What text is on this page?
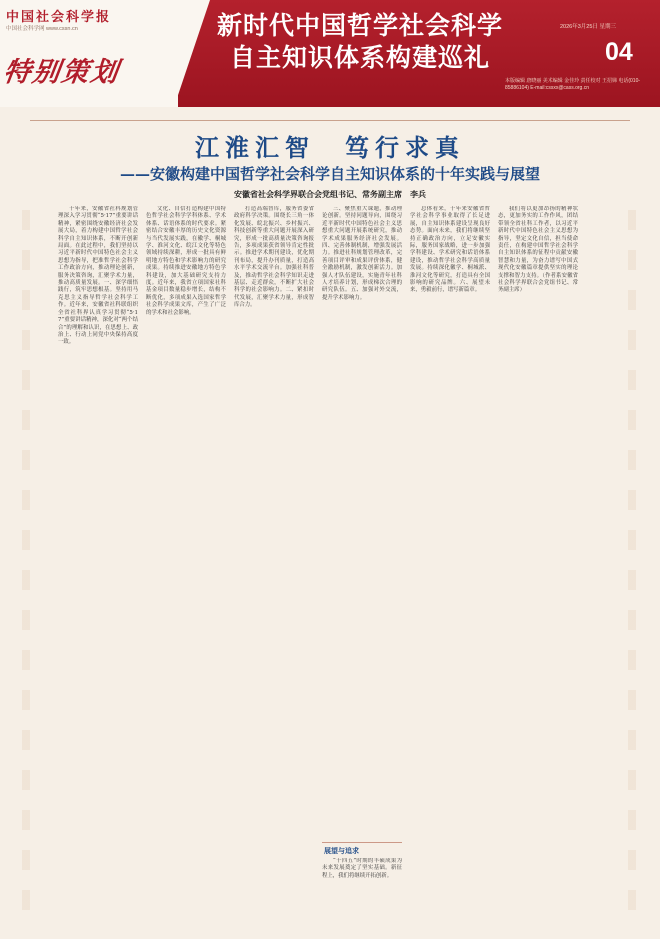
中国社会科学报
中国社会科学网 www.cssn.cn
特别策划
新时代中国哲学社会科学
自主知识体系构建巡礼
2026年3月25日 星期三
04
本版编辑 唐晓丽 美术编辑 金佳玲 责任校对 王招娣 电话(010-85886104) E-mail:cssxx@cass.org.cn
江淮汇智　笃行求真
——安徽构建中国哲学社会科学自主知识体系的十年实践与展望
安徽省社会科学界联合会党组书记、常务副主席　李兵

十年来，安徽省社科规划管理深入学习贯彻“5·17”重要讲话精神，紧密围绕安徽经济社会发展大局，着力构建中国哲学社会科学自主知识体系，不断开创新局面。在此过程中，我们坚持以习近平新时代中国特色社会主义思想为指导，把准哲学社会科学工作政治方向，推动理论创新，服务决策咨询，汇聚学术力量，推动高质量发展。一、深学细悟践行，筑牢思想根基。坚持用马克思主义指导哲学社会科学工作。近年来，安徽省社科联组织全省社科界认真学习贯彻“5·17”重要讲话精神，深化对“两个结合”的理解和认识，在思想上、政治上、行动上同党中央保持高度一致。

文化、自信打造构建中国特色哲学社会科学学科体系、学术体系、话语体系的时代要求。紧密结合安徽丰厚的历史文化资源与当代发展实践，在徽学、桐城学、淮河文化、皖江文化等特色领域持续深耕，形成一批具有鲜明地方特色和学术影响力的研究成果。持续推进安徽地方特色学科建设，加大基础研究支持力度。近年来，我省立项国家社科基金项目数量稳步增长，结构不断优化，多项成果入选国家哲学社会科学成果文库，产生了广泛的学术和社会影响。

打造高端智库，服务省委省政府科学决策。围绕长三角一体化发展、皖北振兴、乡村振兴、科技创新等重大问题开展深入研究，形成一批高质量决策咨询报告，多项成果获省领导肯定性批示。推进学术期刊建设，优化期刊布局，提升办刊质量，打造高水平学术交流平台。加强社科普及，推动哲学社会科学知识走进基层、走近群众，不断扩大社会科学的社会影响力。二、紧扣时代发展，汇聚学术力量，形成智库合力。

三、聚焦重大课题，推动理论创新。坚持问题导向，围绕习近平新时代中国特色社会主义思想重大问题开展系统研究，推动学术成果服务经济社会发展。四、完善体制机制，增强发展活力。推进社科规划管理改革，完善项目评审和成果评价体系，健全激励机制，激发创新活力。加强人才队伍建设，实施青年社科人才培养计划，形成梯次合理的研究队伍。五、加强对外交流，提升学术影响力。

总体看来，十年来安徽省哲学社会科学事业取得了长足进展，自主知识体系建设呈现良好态势。面向未来，我们将继续坚持正确政治方向，立足安徽实际，服务国家战略，进一步加强学科建设、学术研究和话语体系建设，推动哲学社会科学高质量发展。持续深化徽学、桐城派、淮河文化等研究，打造具有全国影响的研究品牌。六、展望未来，勇毅前行，谱写新篇章。

我们将以更加昂扬的精神状态，更加务实的工作作风，团结带领全省社科工作者，以习近平新时代中国特色社会主义思想为指导，坚定文化自信，担当使命责任，在构建中国哲学社会科学自主知识体系的征程中贡献安徽智慧和力量，为奋力谱写中国式现代化安徽篇章提供坚实的理论支撑和智力支持。（作者系安徽省社会科学界联合会党组书记、常务副主席）

展望与追求

“十四五”时期的丰硕成果为未来发展奠定了坚实基础。新征程上，我们将继续开拓创新。
